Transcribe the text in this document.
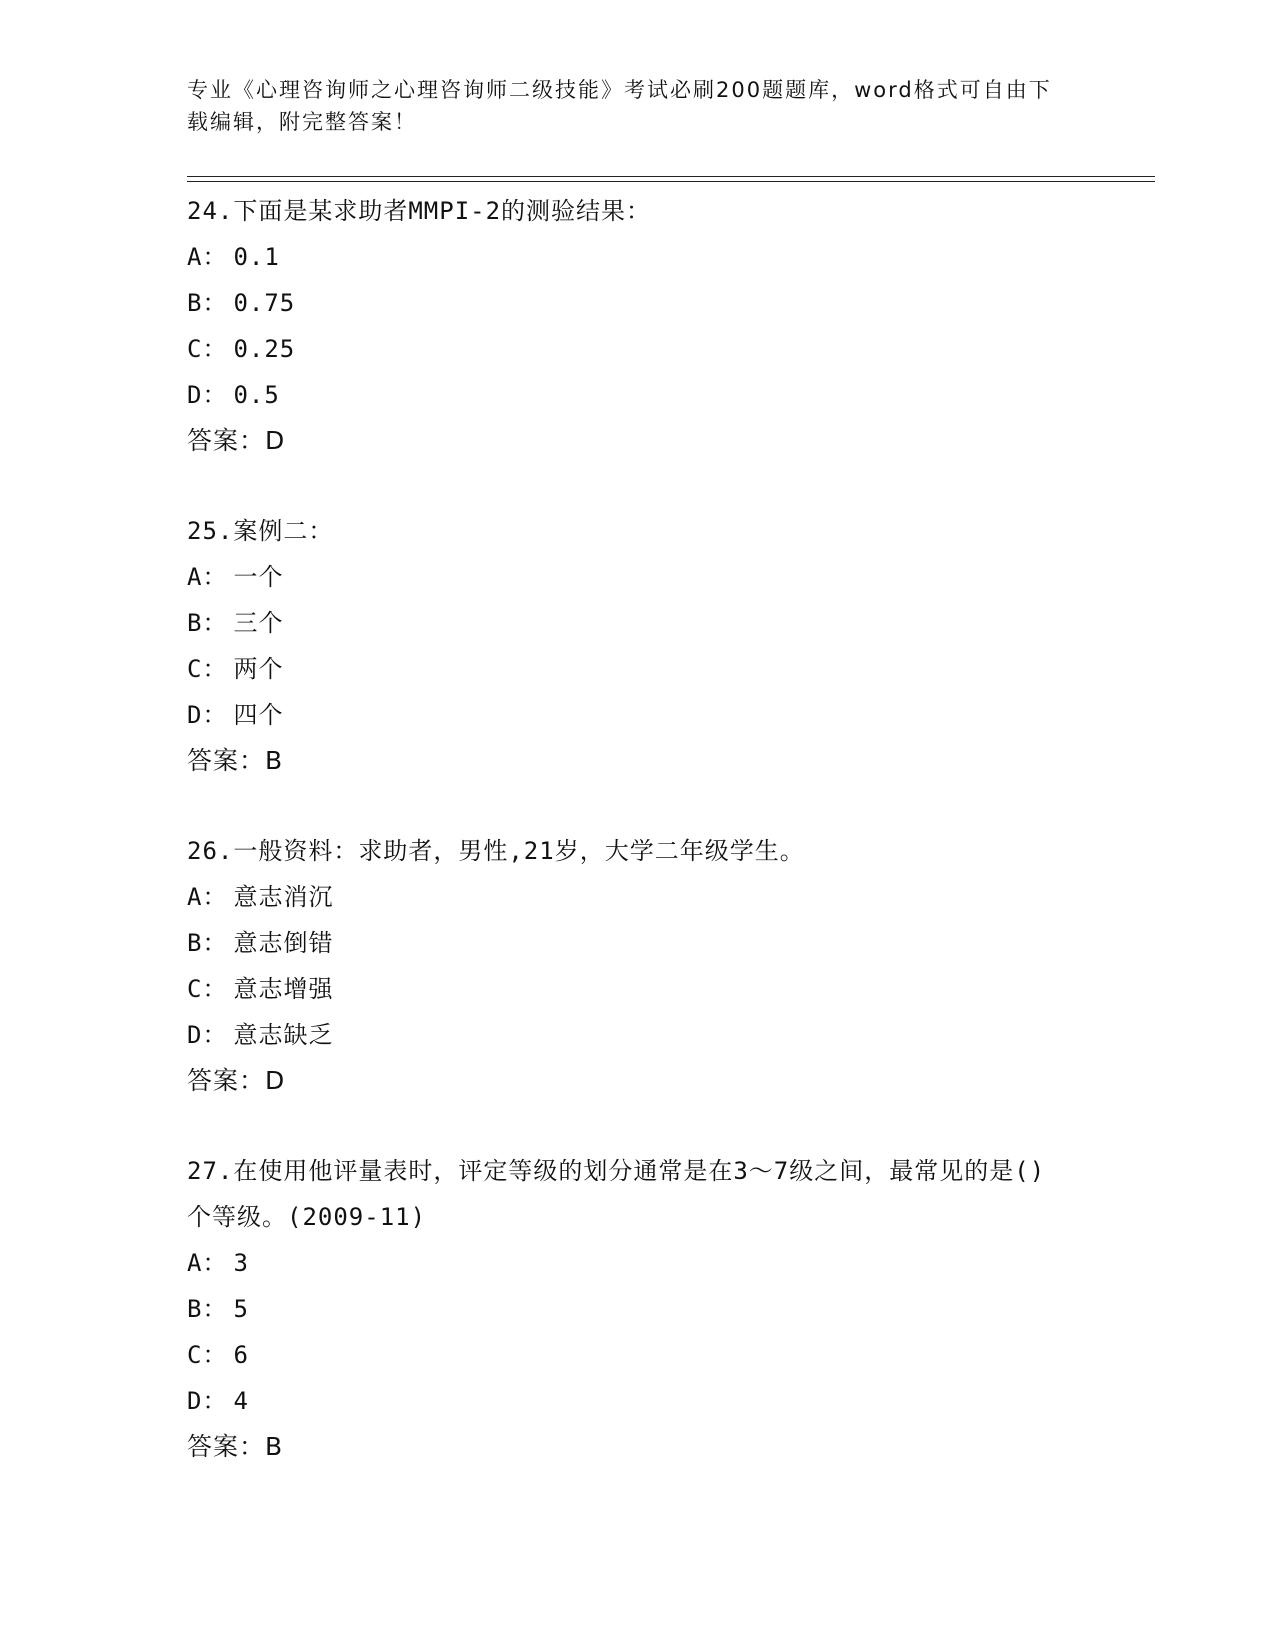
专业《心理咨询师之心理咨询师二级技能》考试必刷200题题库，word格式可自由下载编辑，附完整答案！
24.下面是某求助者MMPI-2的测验结果：
A： 0.1
B： 0.75
C： 0.25
D： 0.5
答案：D
25.案例二：
A： 一个
B： 三个
C： 两个
D： 四个
答案：B
26.一般资料：求助者，男性,21岁，大学二年级学生。
A： 意志消沉
B： 意志倒错
C： 意志增强
D： 意志缺乏
答案：D
27.在使用他评量表时，评定等级的划分通常是在3～7级之间，最常见的是()个等级。(2009-11)
A： 3
B： 5
C： 6
D： 4
答案：B
